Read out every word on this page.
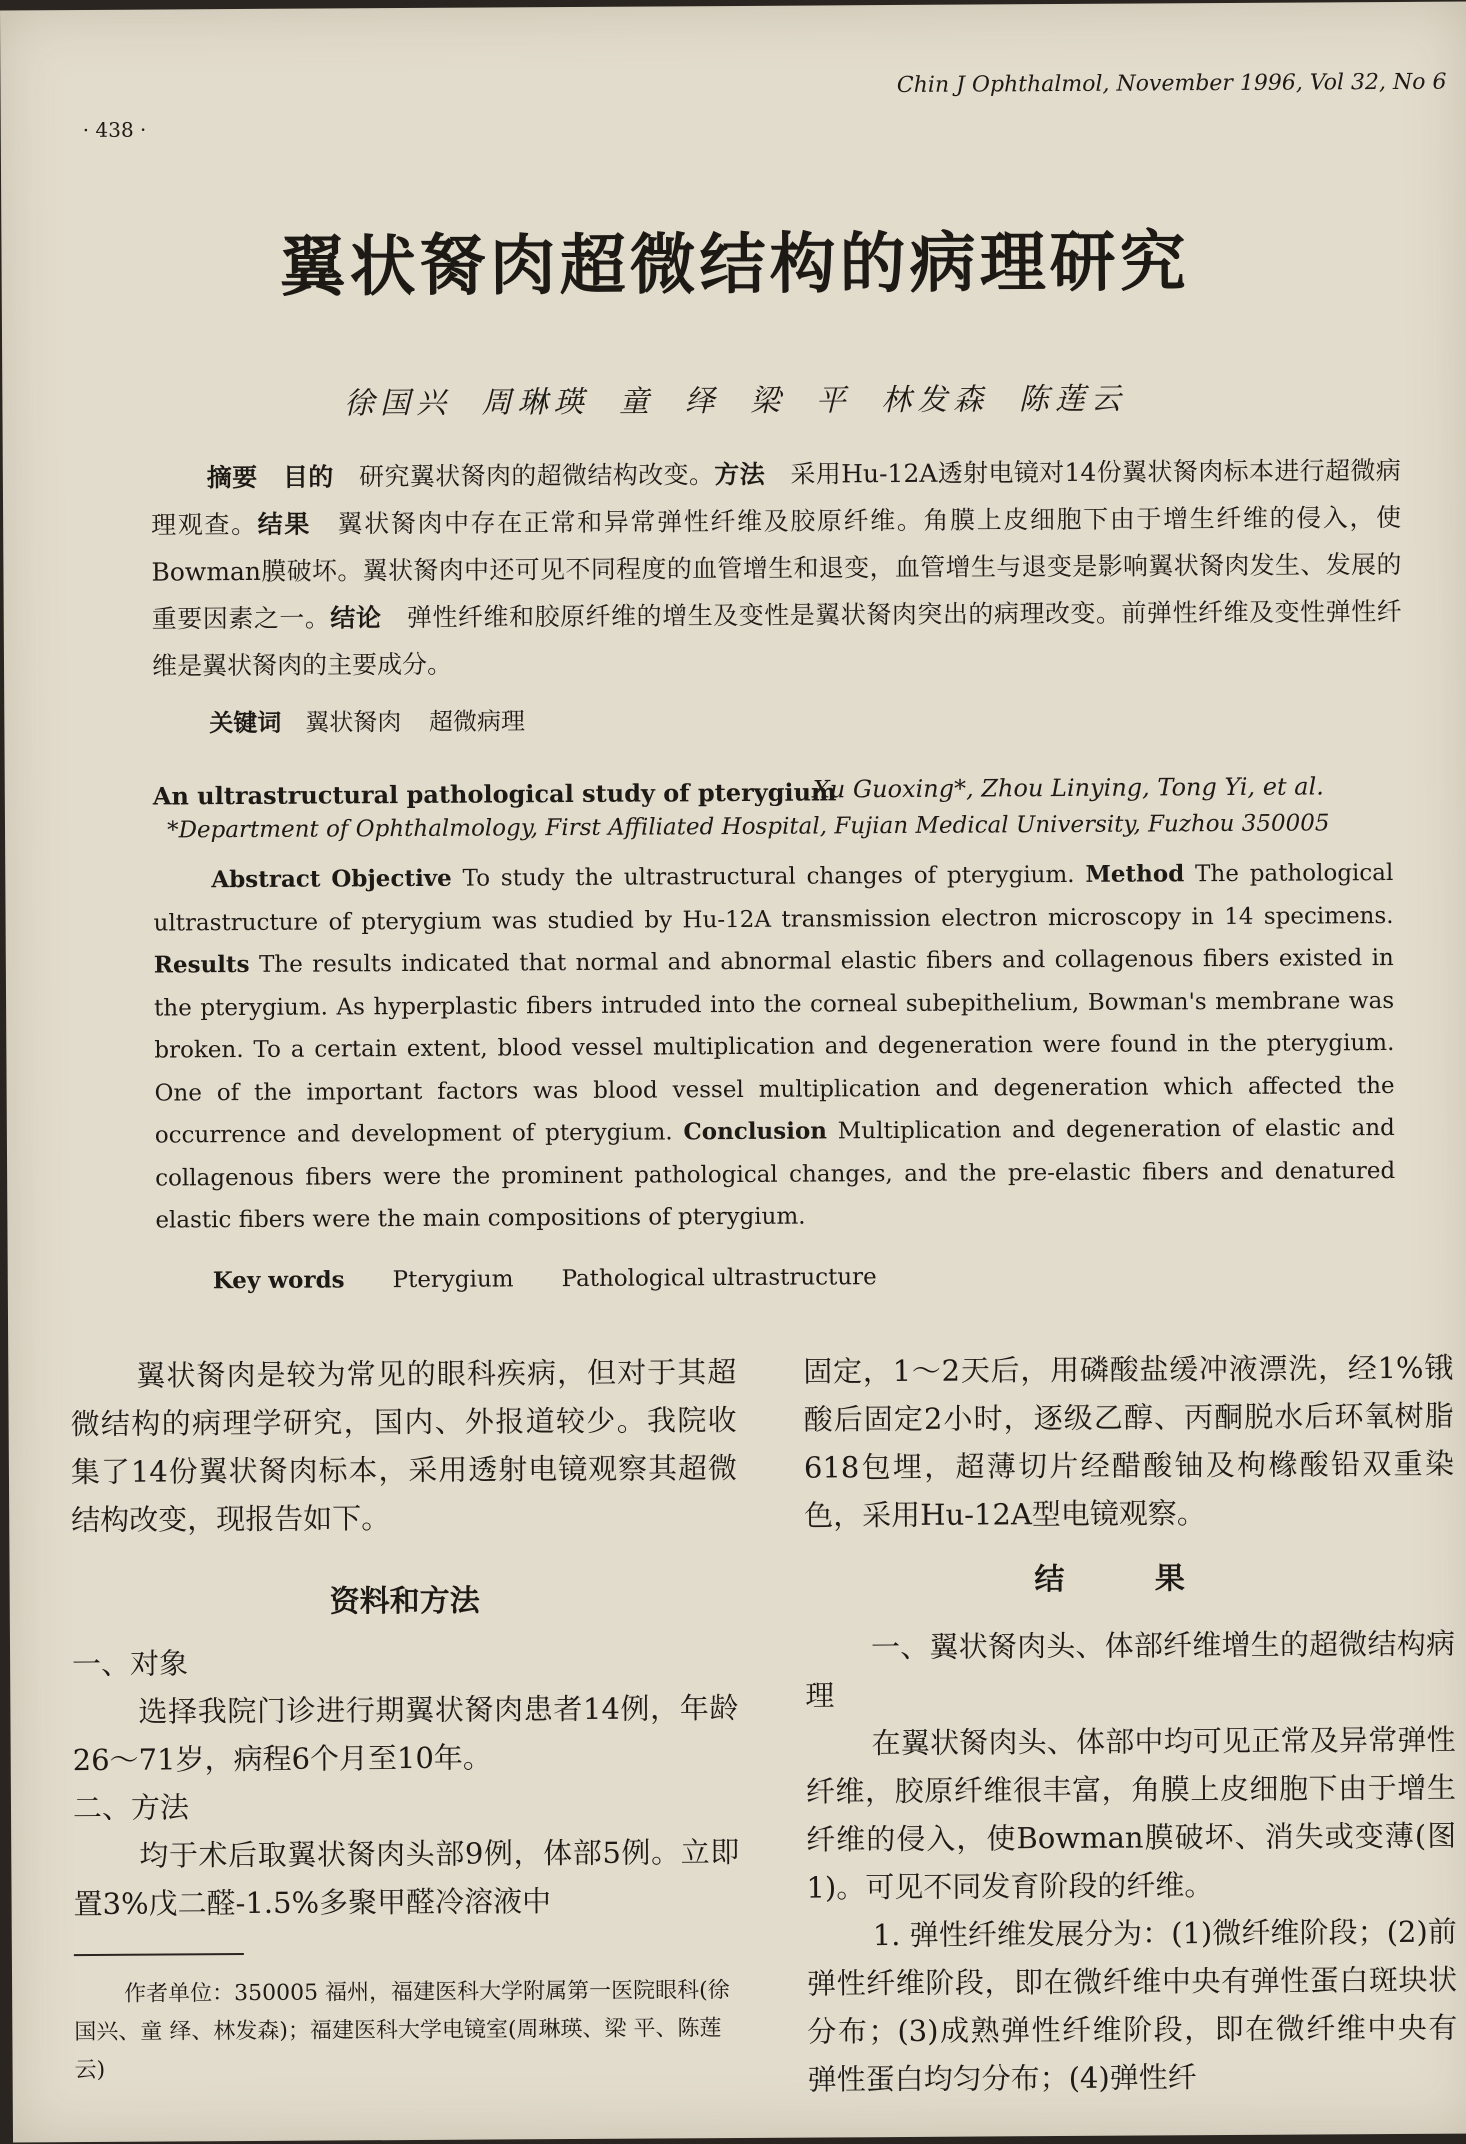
· 438 ·
Chin J Ophthalmol, November 1996, Vol 32, No 6
翼状胬肉超微结构的病理研究
徐国兴 周琳瑛 童 绎 梁 平 林发森 陈莲云
摘要　 目的　 研究翼状胬肉的超微结构改变。方法　 采用Hu-12A透射电镜对14份翼状胬肉标本进行超微病理观查。结果　 翼状胬肉中存在正常和异常弹性纤维及胶原纤维。角膜上皮细胞下由于增生纤维的侵入，使Bowman膜破坏。翼状胬肉中还可见不同程度的血管增生和退变，血管增生与退变是影响翼状胬肉发生、发展的重要因素之一。结论　 弹性纤维和胶原纤维的增生及变性是翼状胬肉突出的病理改变。前弹性纤维及变性弹性纤维是翼状胬肉的主要成分。
关键词　 翼状胬肉 超微病理
An ultrastructural pathological study of pterygium
Xu Guoxing*, Zhou Linying, Tong Yi, et al.
*Department of Ophthalmology, First Affiliated Hospital, Fujian Medical University, Fuzhou 350005
Abstract Objective To study the ultrastructural changes of pterygium. Method The pathological ultrastructure of pterygium was studied by Hu-12A transmission electron microscopy in 14 specimens. Results The results indicated that normal and abnormal elastic fibers and collagenous fibers existed in the pterygium. As hyperplastic fibers intruded into the corneal subepithelium, Bowman's membrane was broken. To a certain extent, blood vessel multiplication and degeneration were found in the pterygium. One of the important factors was blood vessel multiplication and degeneration which affected the occurrence and development of pterygium. Conclusion Multiplication and degeneration of elastic and collagenous fibers were the prominent pathological changes, and the pre-elastic fibers and denatured elastic fibers were the main compositions of pterygium.
Key words Pterygium Pathological ultrastructure
翼状胬肉是较为常见的眼科疾病，但对于其超微结构的病理学研究，国内、外报道较少。我院收集了14份翼状胬肉标本，采用透射电镜观察其超微结构改变，现报告如下。
资料和方法
一、对象
选择我院门诊进行期翼状胬肉患者14例，年龄26～71岁，病程6个月至10年。
二、方法
均于术后取翼状胬肉头部9例，体部5例。立即置3%戊二醛-1.5%多聚甲醛冷溶液中
作者单位：350005 福州，福建医科大学附属第一医院眼科(徐国兴、童 绎、林发森)；福建医科大学电镜室(周琳瑛、梁 平、陈莲云)
固定，1～2天后，用磷酸盐缓冲液漂洗，经1%锇酸后固定2小时，逐级乙醇、丙酮脱水后环氧树脂618包埋，超薄切片经醋酸铀及枸橼酸铅双重染色，采用Hu-12A型电镜观察。
结 果
一、翼状胬肉头、体部纤维增生的超微结构病理
在翼状胬肉头、体部中均可见正常及异常弹性纤维，胶原纤维很丰富，角膜上皮细胞下由于增生纤维的侵入，使Bowman膜破坏、消失或变薄(图1)。可见不同发育阶段的纤维。
1. 弹性纤维发展分为：(1)微纤维阶段；(2)前弹性纤维阶段，即在微纤维中央有弹性蛋白斑块状分布；(3)成熟弹性纤维阶段，即在微纤维中央有弹性蛋白均匀分布；(4)弹性纤
